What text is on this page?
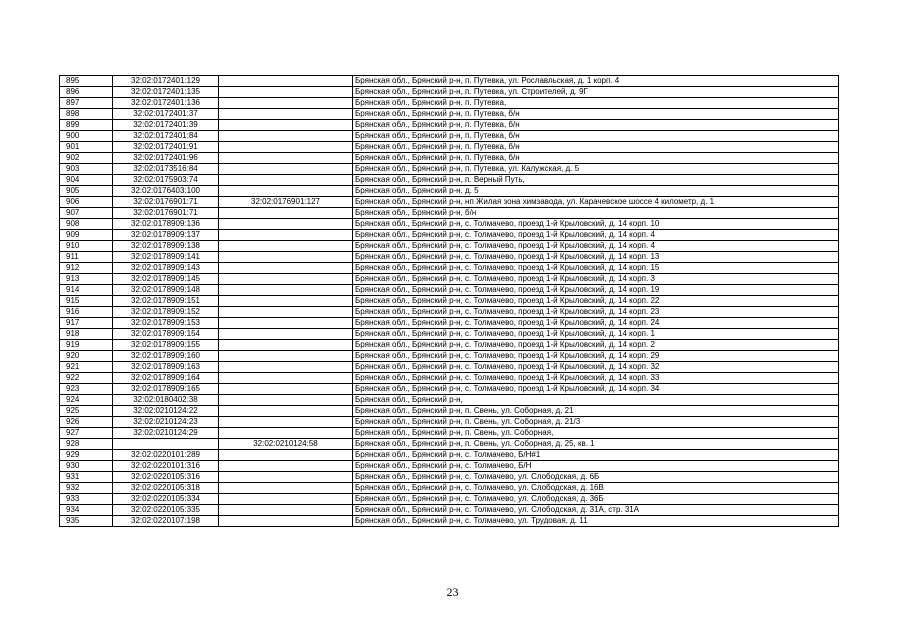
895	32:02:0172401:129		Брянская обл., Брянский р-н, п. Путевка, ул. Рославльская, д. 1 корп. 4
896	32:02:0172401:135		Брянская обл., Брянский р-н, п. Путевка, ул. Строителей, д. 9Г
897	32:02:0172401:136		Брянская обл., Брянский р-н, п. Путевка,
898	32:02:0172401:37		Брянская обл., Брянский р-н, п. Путевка, б/н
899	32:02:0172401:39		Брянская обл., Брянский р-н, п. Путевка, б/н
900	32:02:0172401:84		Брянская обл., Брянский р-н, п. Путевка, б/н
901	32:02:0172401:91		Брянская обл., Брянский р-н, п. Путевка, б/н
902	32:02:0172401:96		Брянская обл., Брянский р-н, п. Путевка, б/н
903	32:02:0173516:84		Брянская обл., Брянский р-н, п. Путевка, ул. Калужская, д. 5
904	32:02:0175903:74		Брянская обл., Брянский р-н, п. Верный Путь,
905	32:02:0176403:100		Брянская обл., Брянский р-н, д. 5
906	32:02:0176901:71	32:02:0176901:127	Брянская обл., Брянский р-н, нп Жилая зона химзавода, ул. Карачевское шоссе 4 километр, д. 1
907	32:02:0176901:71		Брянская обл., Брянский р-н, б/н
908	32:02:0178909:136		Брянская обл., Брянский р-н, с. Толмачево, проезд 1-й Крыловский, д. 14 корп. 10
909	32:02:0178909:137		Брянская обл., Брянский р-н, с. Толмачево, проезд 1-й Крыловский, д. 14 корп. 4
910	32:02:0178909:138		Брянская обл., Брянский р-н, с. Толмачево, проезд 1-й Крыловский, д. 14 корп. 4
911	32:02:0178909:141		Брянская обл., Брянский р-н, с. Толмачево, проезд 1-й Крыловский, д. 14 корп. 13
912	32:02:0178909:143		Брянская обл., Брянский р-н, с. Толмачево, проезд 1-й Крыловский, д. 14 корп. 15
913	32:02:0178909:145		Брянская обл., Брянский р-н, с. Толмачево, проезд 1-й Крыловский, д. 14 корп. 3
914	32:02:0178909:148		Брянская обл., Брянский р-н, с. Толмачево, проезд 1-й Крыловский, д. 14 корп. 19
915	32:02:0178909:151		Брянская обл., Брянский р-н, с. Толмачево, проезд 1-й Крыловский, д. 14 корп. 22
916	32:02:0178909:152		Брянская обл., Брянский р-н, с. Толмачево, проезд 1-й Крыловский, д. 14 корп. 23
917	32:02:0178909:153		Брянская обл., Брянский р-н, с. Толмачево, проезд 1-й Крыловский, д. 14 корп. 24
918	32:02:0178909:154		Брянская обл., Брянский р-н, с. Толмачево, проезд 1-й Крыловский, д. 14 корп. 1
919	32:02:0178909:155		Брянская обл., Брянский р-н, с. Толмачево, проезд 1-й Крыловский, д. 14 корп. 2
920	32:02:0178909:160		Брянская обл., Брянский р-н, с. Толмачево, проезд 1-й Крыловский, д. 14 корп. 29
921	32:02:0178909:163		Брянская обл., Брянский р-н, с. Толмачево, проезд 1-й Крыловский, д. 14 корп. 32
922	32:02:0178909:164		Брянская обл., Брянский р-н, с. Толмачево, проезд 1-й Крыловский, д. 14 корп. 33
923	32:02:0178909:165		Брянская обл., Брянский р-н, с. Толмачево, проезд 1-й Крыловский, д. 14 корп. 34
924	32:02:0180402:38		Брянская обл., Брянский р-н,
925	32:02:0210124:22		Брянская обл., Брянский р-н, п. Свень, ул. Соборная, д. 21
926	32:02:0210124:23		Брянская обл., Брянский р-н, п. Свень, ул. Соборная, д. 21/3
927	32:02:0210124:29		Брянская обл., Брянский р-н, п. Свень, ул. Соборная,
928		32:02:0210124:58	Брянская обл., Брянский р-н, п. Свень, ул. Соборная, д. 25, кв. 1
929	32:02:0220101:289		Брянская обл., Брянский р-н, с. Толмачево, Б/Н#1
930	32:02:0220101:316		Брянская обл., Брянский р-н, с. Толмачево, Б/Н
931	32:02:0220105:316		Брянская обл., Брянский р-н, с. Толмачево, ул. Слободская, д. 6Б
932	32:02:0220105:318		Брянская обл., Брянский р-н, с. Толмачево, ул. Слободская, д. 16В
933	32:02:0220105:334		Брянская обл., Брянский р-н, с. Толмачево, ул. Слободская, д. 36Б
934	32:02:0220105:335		Брянская обл., Брянский р-н, с. Толмачево, ул. Слободская, д. 31А, стр. 31А
935	32:02:0220107:198		Брянская обл., Брянский р-н, с. Толмачево, ул. Трудовая, д. 11
23
